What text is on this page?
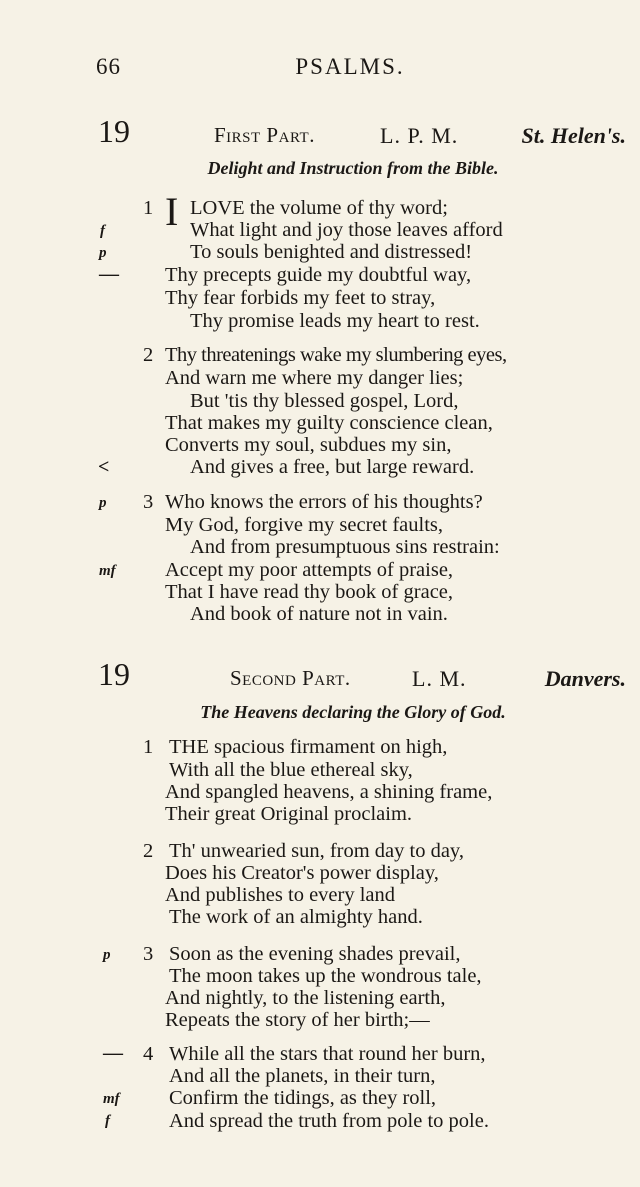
66	PSALMS.
19	First Part.	L. P. M.	St. Helen's.
Delight and Instruction from the Bible.
1 I LOVE the volume of thy word;
What light and joy those leaves afford
To souls benighted and distressed!
Thy precepts guide my doubtful way,
Thy fear forbids my feet to stray,
Thy promise leads my heart to rest.
2 Thy threatenings wake my slumbering eyes,
And warn me where my danger lies;
But 'tis thy blessed gospel, Lord,
That makes my guilty conscience clean,
Converts my soul, subdues my sin,
And gives a free, but large reward.
3 Who knows the errors of his thoughts?
My God, forgive my secret faults,
And from presumptuous sins restrain:
Accept my poor attempts of praise,
That I have read thy book of grace,
And book of nature not in vain.
19	Second Part.	L. M.	Danvers.
The Heavens declaring the Glory of God.
1 THE spacious firmament on high,
With all the blue ethereal sky,
And spangled heavens, a shining frame,
Their great Original proclaim.
2 Th' unwearied sun, from day to day,
Does his Creator's power display,
And publishes to every land
The work of an almighty hand.
3 Soon as the evening shades prevail,
The moon takes up the wondrous tale,
And nightly, to the listening earth,
Repeats the story of her birth;—
4 While all the stars that round her burn,
And all the planets, in their turn,
Confirm the tidings, as they roll,
And spread the truth from pole to pole.
f
p
—
<
p
mf
p
—
mf
f
